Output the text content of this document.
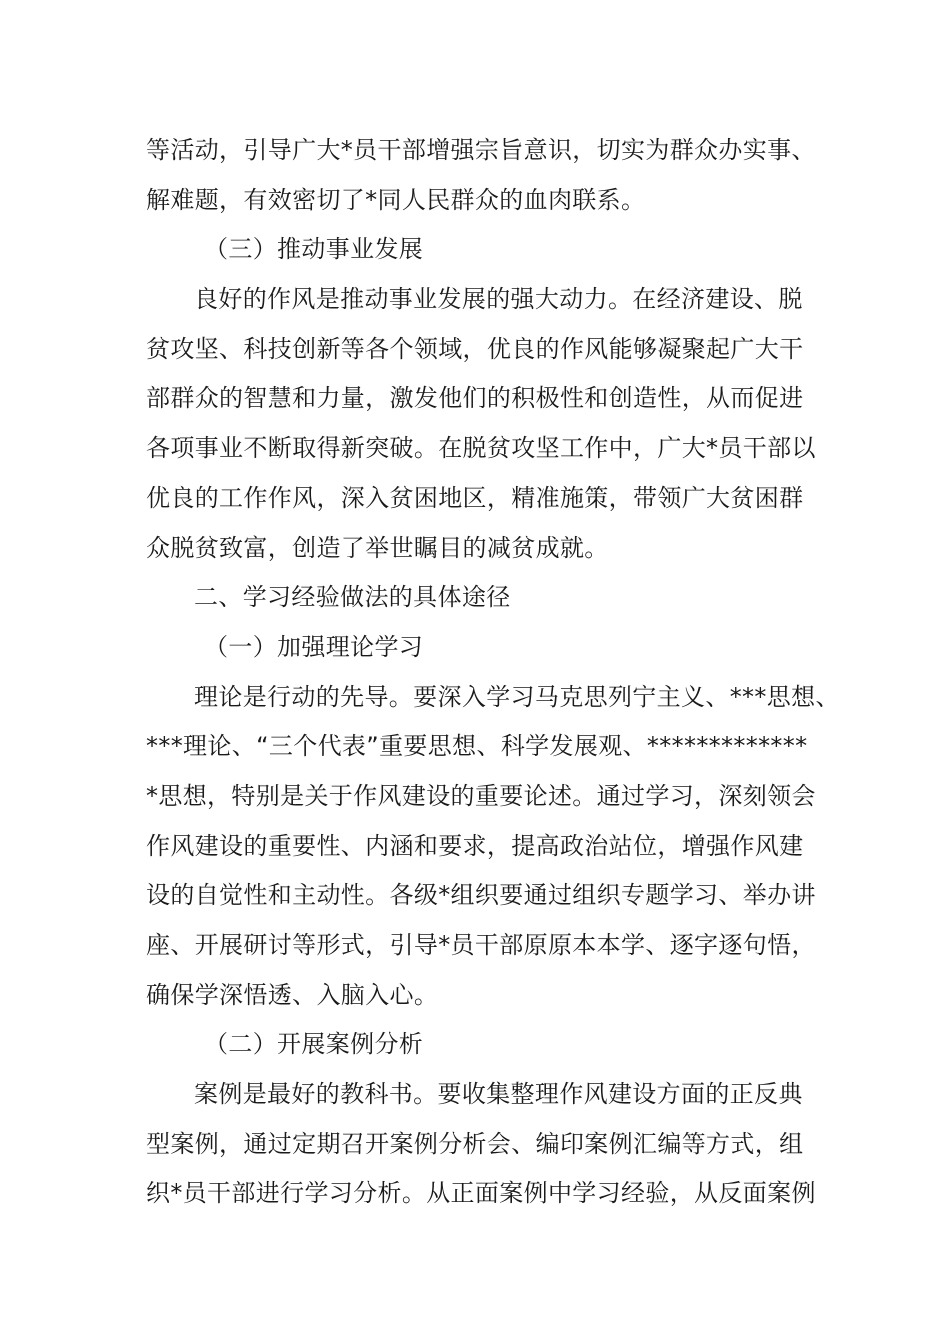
等活动，引导广大*员干部增强宗旨意识，切实为群众办实事、
解难题，有效密切了*同人民群众的血肉联系。
（三）推动事业发展
良好的作风是推动事业发展的强大动力。在经济建设、脱
贫攻坚、科技创新等各个领域，优良的作风能够凝聚起广大干
部群众的智慧和力量，激发他们的积极性和创造性，从而促进
各项事业不断取得新突破。在脱贫攻坚工作中，广大*员干部以
优良的工作作风，深入贫困地区，精准施策，带领广大贫困群
众脱贫致富，创造了举世瞩目的减贫成就。
二、学习经验做法的具体途径
（一）加强理论学习
理论是行动的先导。要深入学习马克思列宁主义、***思想、
***理论、“三个代表”重要思想、科学发展观、*************
*思想，特别是关于作风建设的重要论述。通过学习，深刻领会
作风建设的重要性、内涵和要求，提高政治站位，增强作风建
设的自觉性和主动性。各级*组织要通过组织专题学习、举办讲
座、开展研讨等形式，引导*员干部原原本本学、逐字逐句悟，
确保学深悟透、入脑入心。
（二）开展案例分析
案例是最好的教科书。要收集整理作风建设方面的正反典
型案例，通过定期召开案例分析会、编印案例汇编等方式，组
织*员干部进行学习分析。从正面案例中学习经验，从反面案例
